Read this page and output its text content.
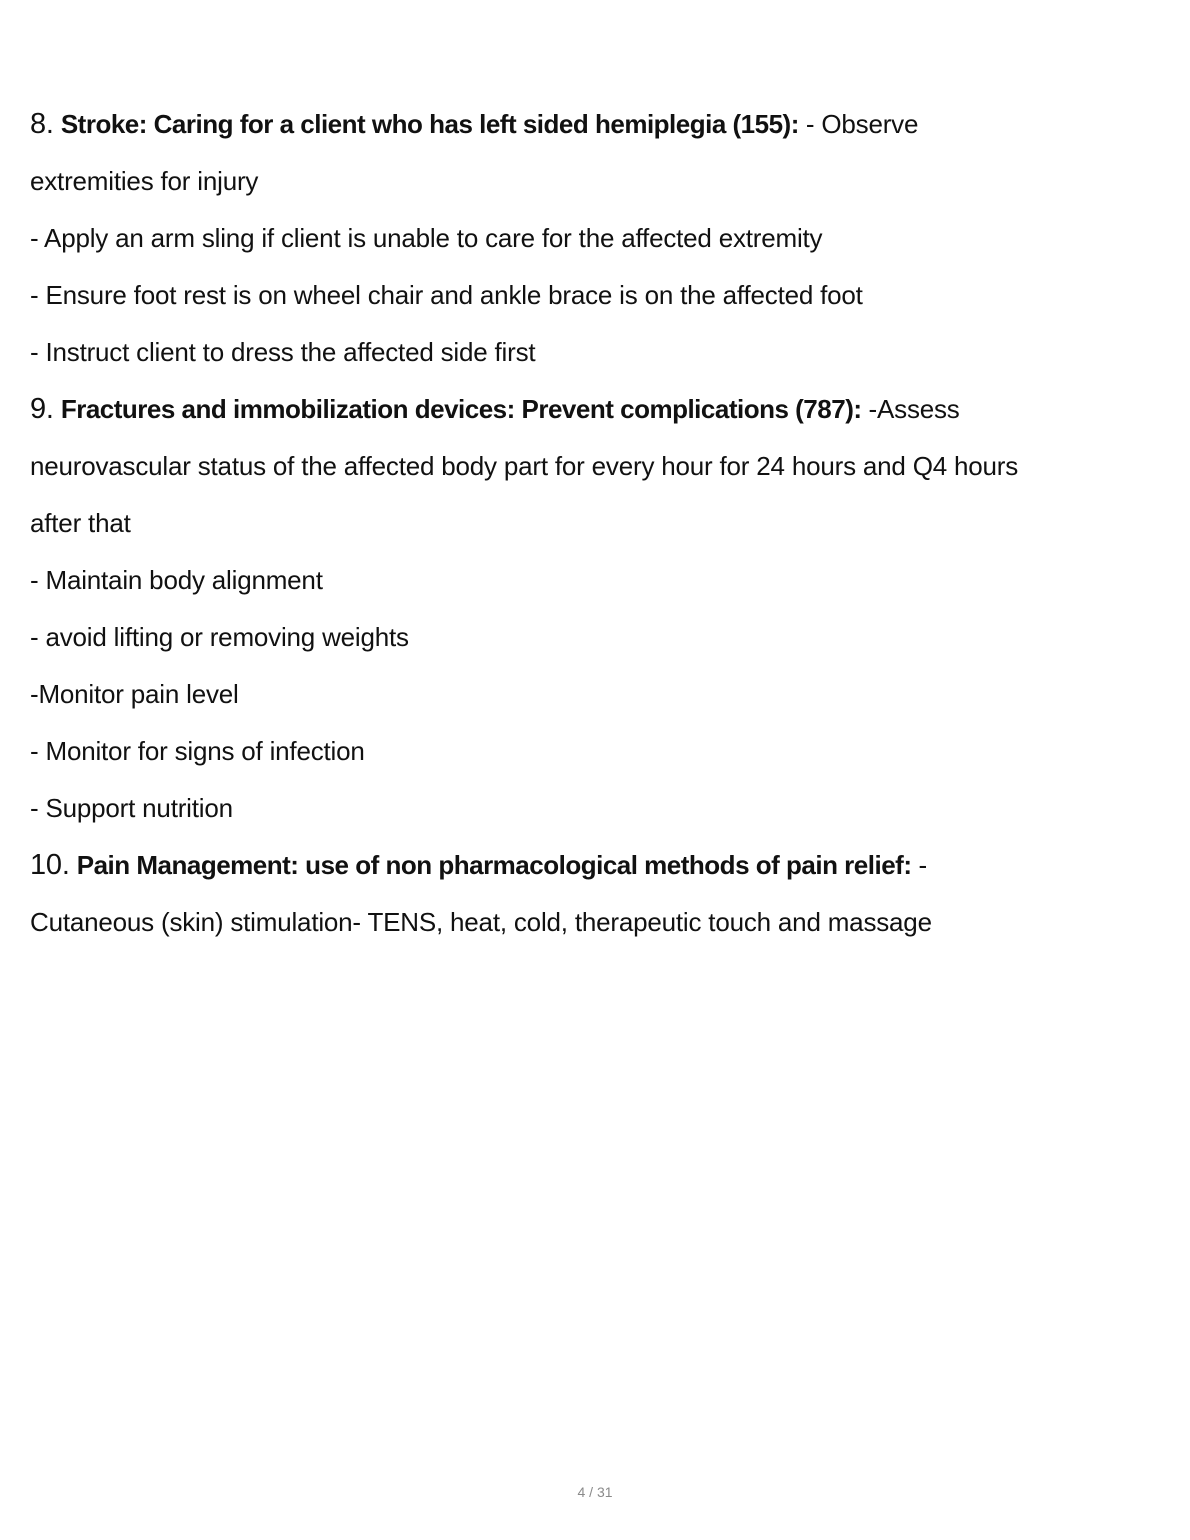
8. Stroke: Caring for a client who has left sided hemiplegia (155): - Observe

extremities for injury

- Apply an arm sling if client is unable to care for the affected extremity

- Ensure foot rest is on wheel chair and ankle brace is on the affected foot

- Instruct client to dress the affected side first

9. Fractures and immobilization devices: Prevent complications (787): -Assess

neurovascular status of the affected body part for every hour for 24 hours and Q4 hours

after that

- Maintain body alignment

- avoid lifting or removing weights

-Monitor pain level

- Monitor for signs of infection

- Support nutrition

10. Pain Management: use of non pharmacological methods of pain relief: -

Cutaneous (skin) stimulation- TENS, heat, cold, therapeutic touch and massage

4 / 31
